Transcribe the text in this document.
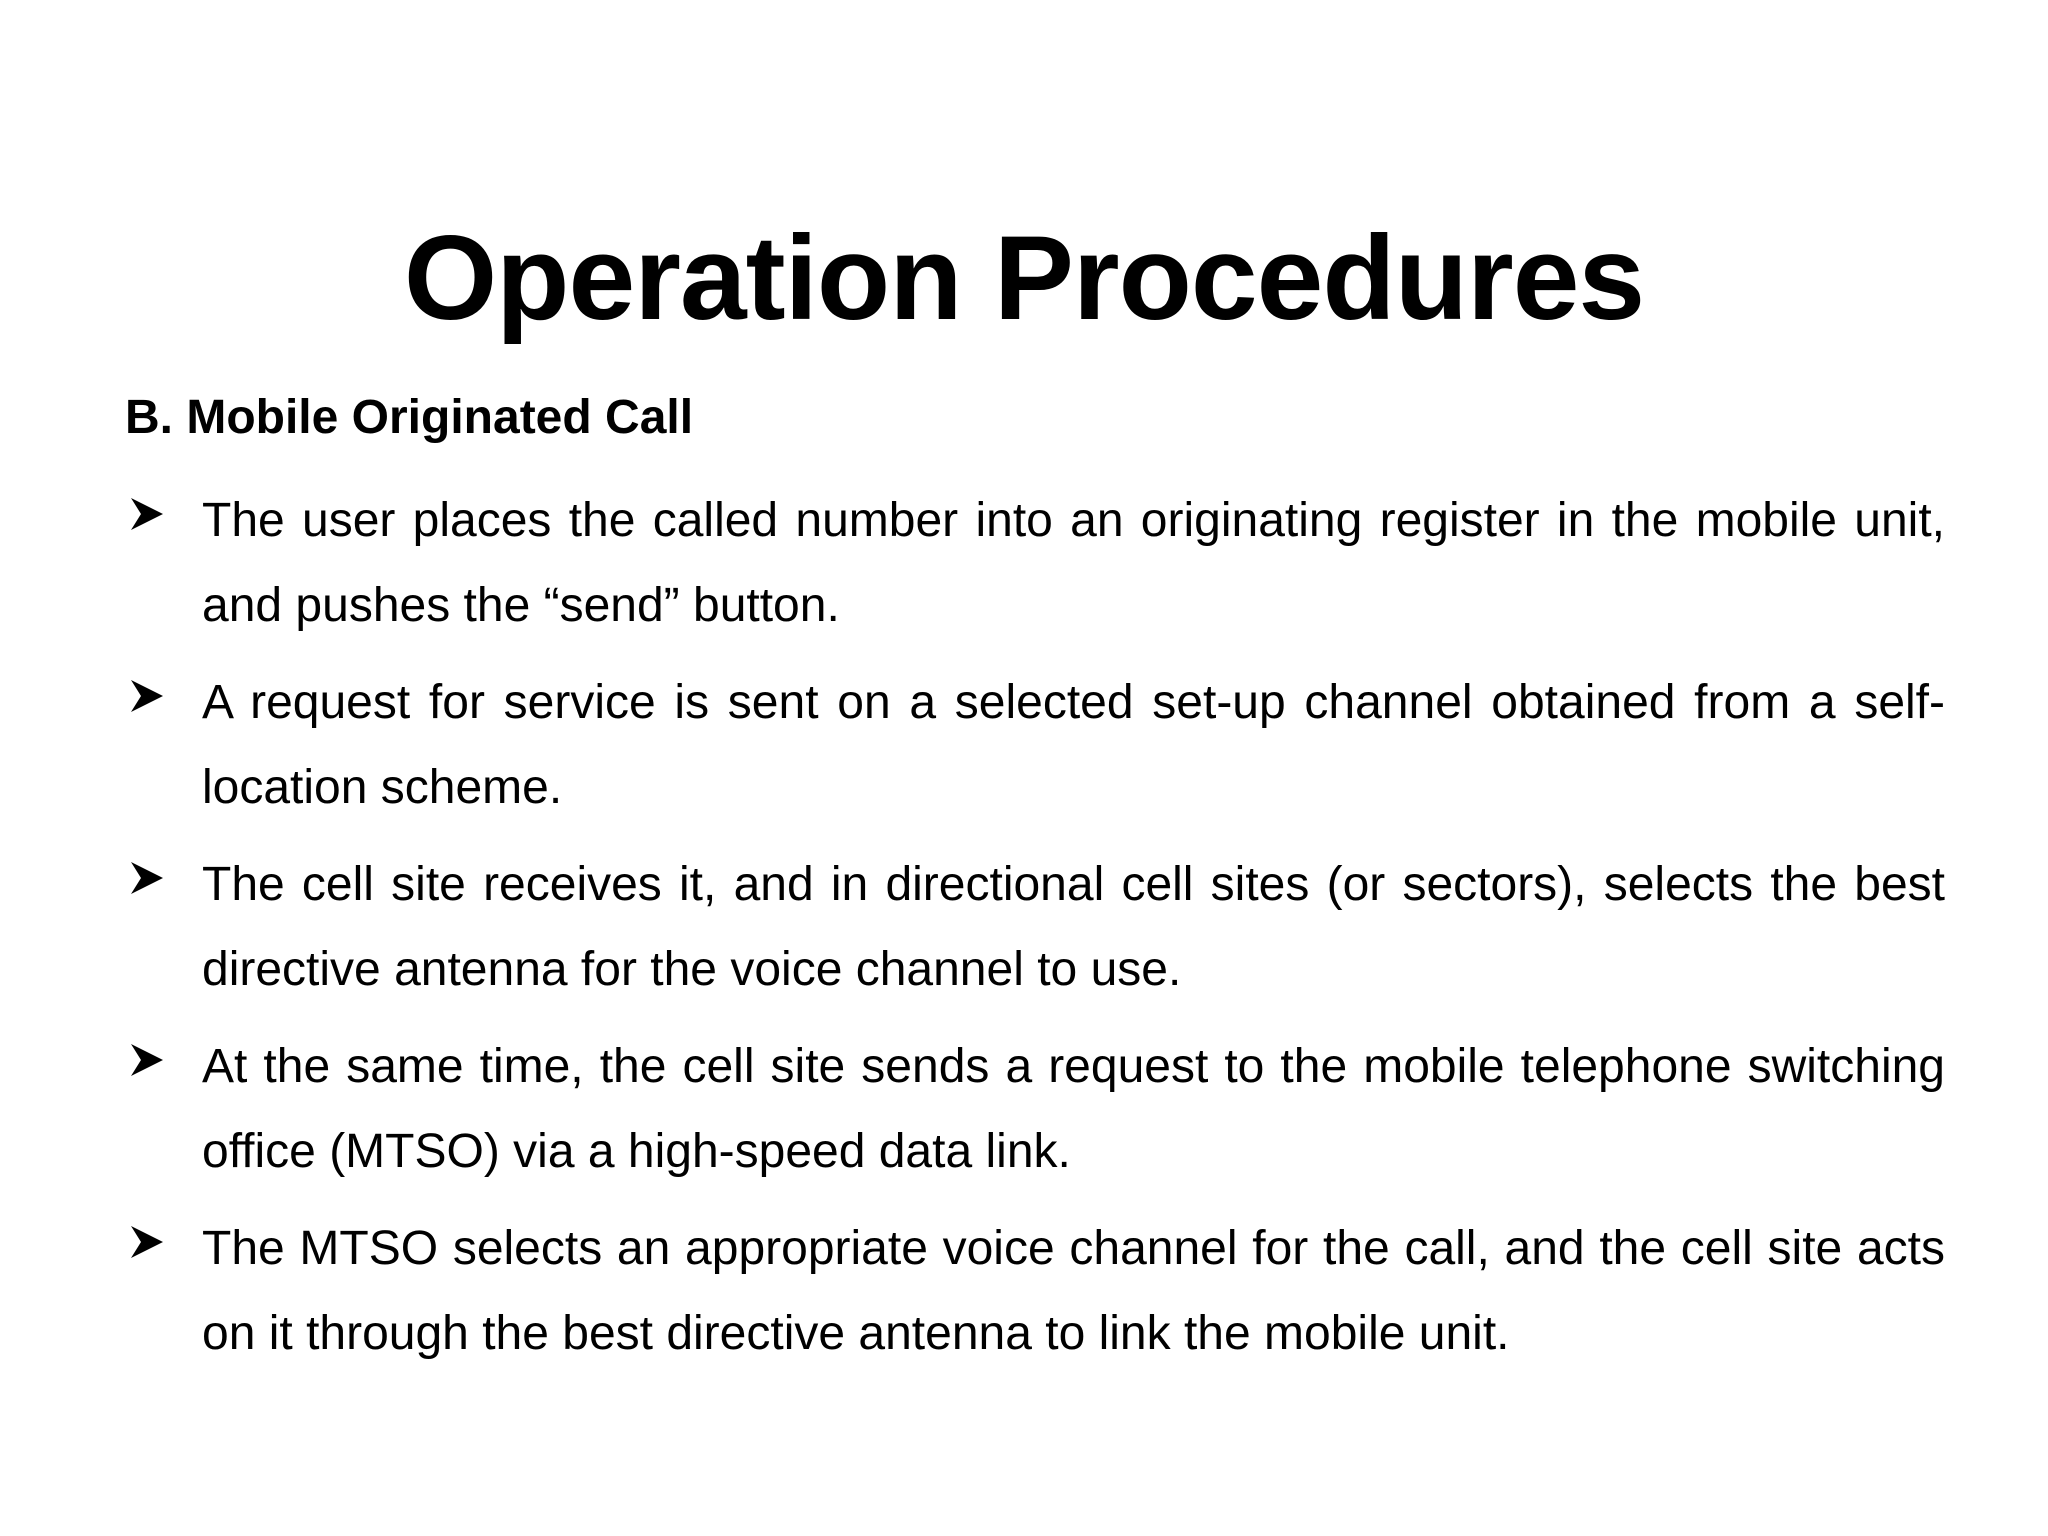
Operation Procedures
B. Mobile Originated Call
The user places the called number into an originating register in the mobile unit, and pushes the “send” button.
A request for service is sent on a selected set-up channel obtained from a self-location scheme.
The cell site receives it, and in directional cell sites (or sectors), selects the best directive antenna for the voice channel to use.
At the same time, the cell site sends a request to the mobile telephone switching office (MTSO) via a high-speed data link.
The MTSO selects an appropriate voice channel for the call, and the cell site acts on it through the best directive antenna to link the mobile unit.
